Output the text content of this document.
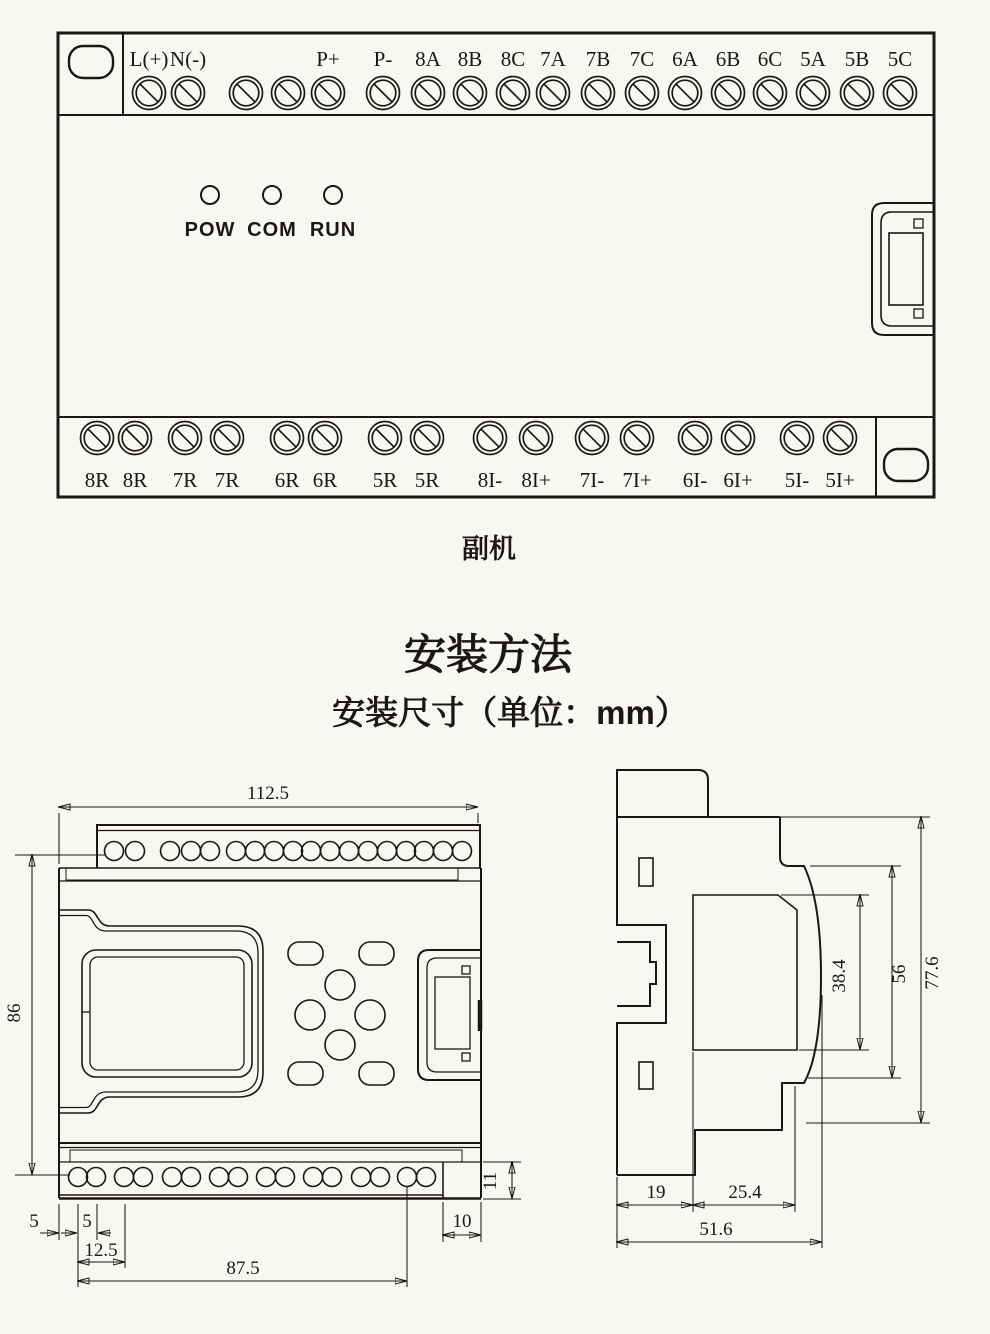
POW COM RUN
L(+) N(-)	P+ P- 8A 8B 8C 7A 7B 7C 6A 6B 6C 5A 5B 5C
8R 8R 7R 7R 6R 6R 5R 5R 8I- 8I+ 7I- 7I+ 6I- 6I+ 5I- 5I+
112.5
86
5 5
12.5
87.5
10
11
77.6
56
38.4
19	25.4
51.6
副机
安装方法
安装尺寸（单位：mm）
